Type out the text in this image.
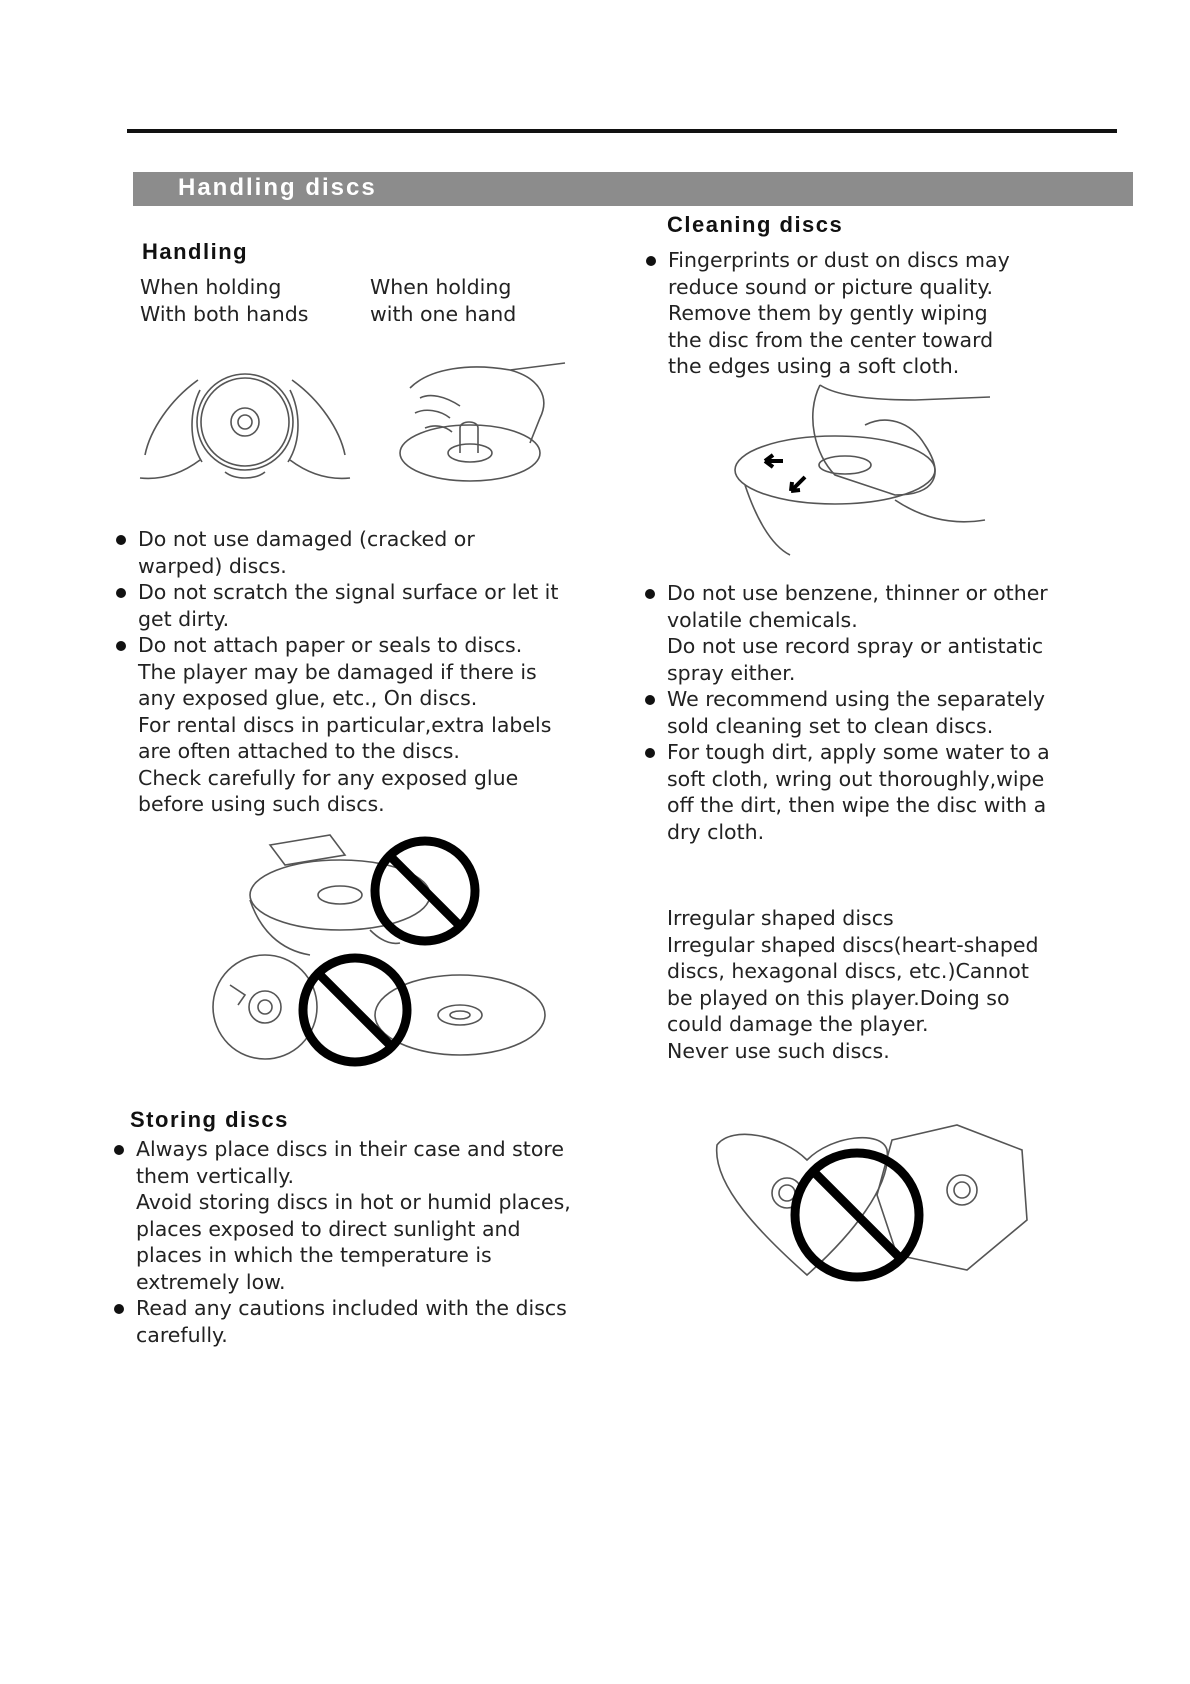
Handling discs
Handling
When holding
With both hands
When holding
with one hand
Do not use damaged (cracked or
warped) discs.
Do not scratch the signal surface or let it
get dirty.
Do not attach paper or seals to discs.
The player may be damaged if there is
any exposed glue, etc., On discs.
For rental discs in particular,extra labels
are often attached to the discs.
Check carefully for any exposed glue
before using such discs.
Storing discs
Always place discs in their case and store
them vertically.
Avoid storing discs in hot or humid places,
places exposed to direct sunlight and
places in which the temperature is
extremely low.
Read any cautions included with the discs
carefully.
Cleaning discs
Fingerprints or dust on discs may
reduce sound or picture quality.
Remove them by gently wiping
the disc from the center toward
the edges using a soft cloth.
Do not use benzene, thinner or other
volatile chemicals.
Do not use record spray or antistatic
spray either.
We recommend using the separately
sold cleaning set to clean discs.
For tough dirt, apply some water to a
soft cloth, wring out thoroughly,wipe
off the dirt, then wipe the disc with a
dry cloth.
Irregular shaped discs
Irregular shaped discs(heart-shaped
discs, hexagonal discs, etc.)Cannot
be played on this player.Doing so
could damage the player.
Never use such discs.
